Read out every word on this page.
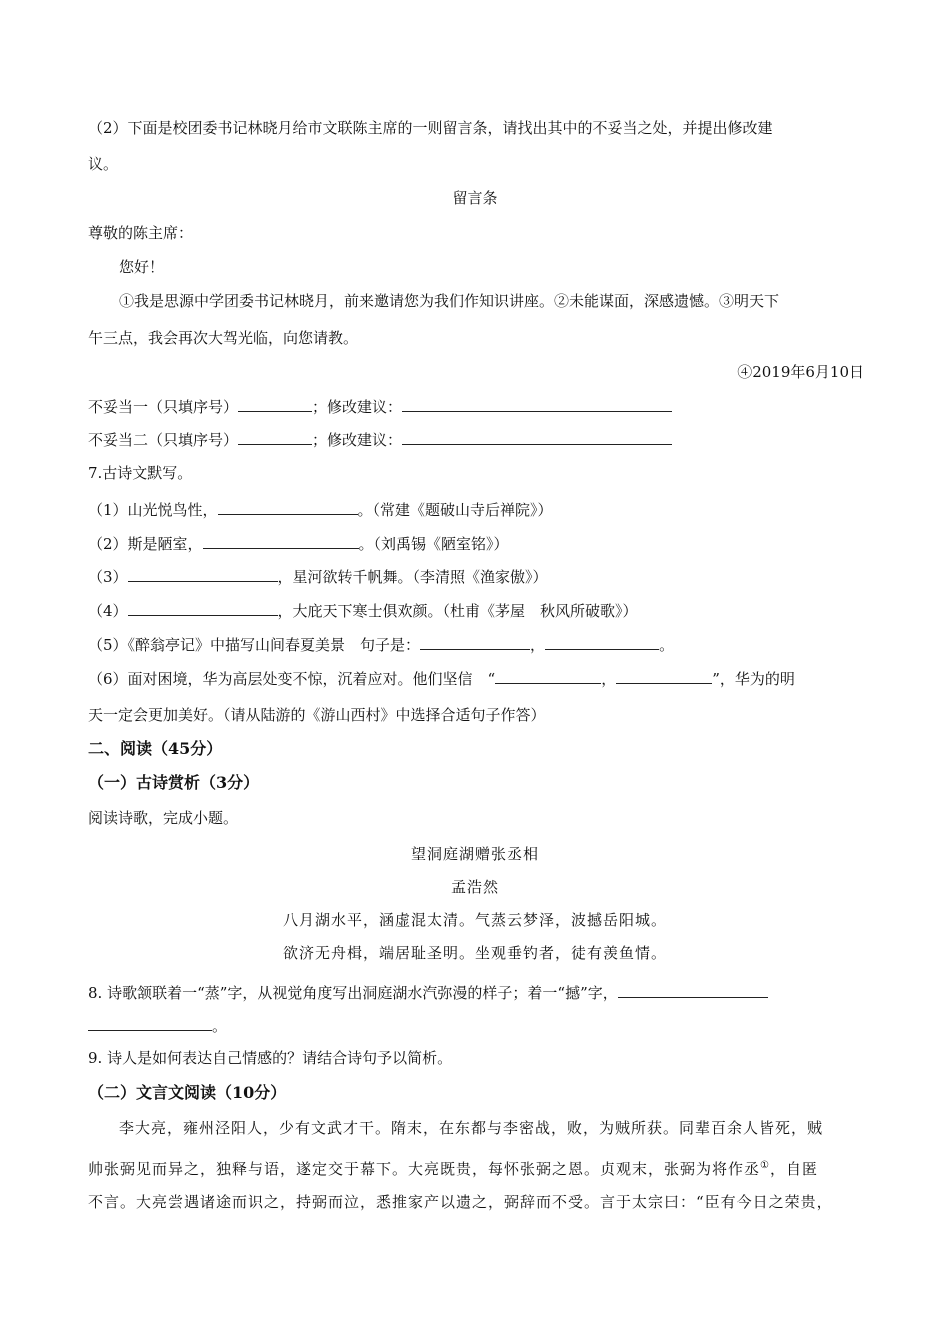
（2）下面是校团委书记林晓月给市文联陈主席的一则留言条，请找出其中的不妥当之处，并提出修改建
议。
留言条
尊敬的陈主席：
您好！
①我是思源中学团委书记林晓月，前来邀请您为我们作知识讲座。②未能谋面，深感遗憾。③明天下
午三点，我会再次大驾光临，向您请教。
④2019年6月10日
不妥当一（只填序号）	；修改建议：
不妥当二（只填序号）	；修改建议：
7.古诗文默写。
（1）山光悦鸟性，	。（常建《题破山寺后禅院》）
（2）斯是陋室，	。（刘禹锡《陋室铭》）
（3）	，星河欲转千帆舞。（李清照《渔家傲》）
（4）	，大庇天下寒士俱欢颜。（杜甫《茅屋　秋风所破歌》）
（5）《醉翁亭记》中描写山间春夏美景　句子是：	，	。
（6）面对困境，华为高层处变不惊，沉着应对。他们坚信　“	，	”，华为的明
天一定会更加美好。（请从陆游的《游山西村》中选择合适句子作答）
二、阅读（45分）
（一）古诗赏析（3分）
阅读诗歌，完成小题。
望洞庭湖赠张丞相
孟浩然
八月湖水平，涵虚混太清。气蒸云梦泽，波撼岳阳城。
欲济无舟楫，端居耻圣明。坐观垂钓者，徒有羡鱼情。
8. 诗歌颔联着一“蒸”字，从视觉角度写出洞庭湖水汽弥漫的样子；着一“撼”字，
。
9. 诗人是如何表达自己情感的？请结合诗句予以简析。
（二）文言文阅读（10分）
李大亮，雍州泾阳人，少有文武才干。隋末，在东都与李密战，败，为贼所获。同辈百余人皆死，贼
帅张弼见而异之，独释与语，遂定交于幕下。大亮既贵，每怀张弼之恩。贞观末，张弼为将作丞①，自匿
不言。大亮尝遇诸途而识之，持弼而泣，悉推家产以遗之，弼辞而不受。言于太宗曰：“臣有今日之荣贵，
